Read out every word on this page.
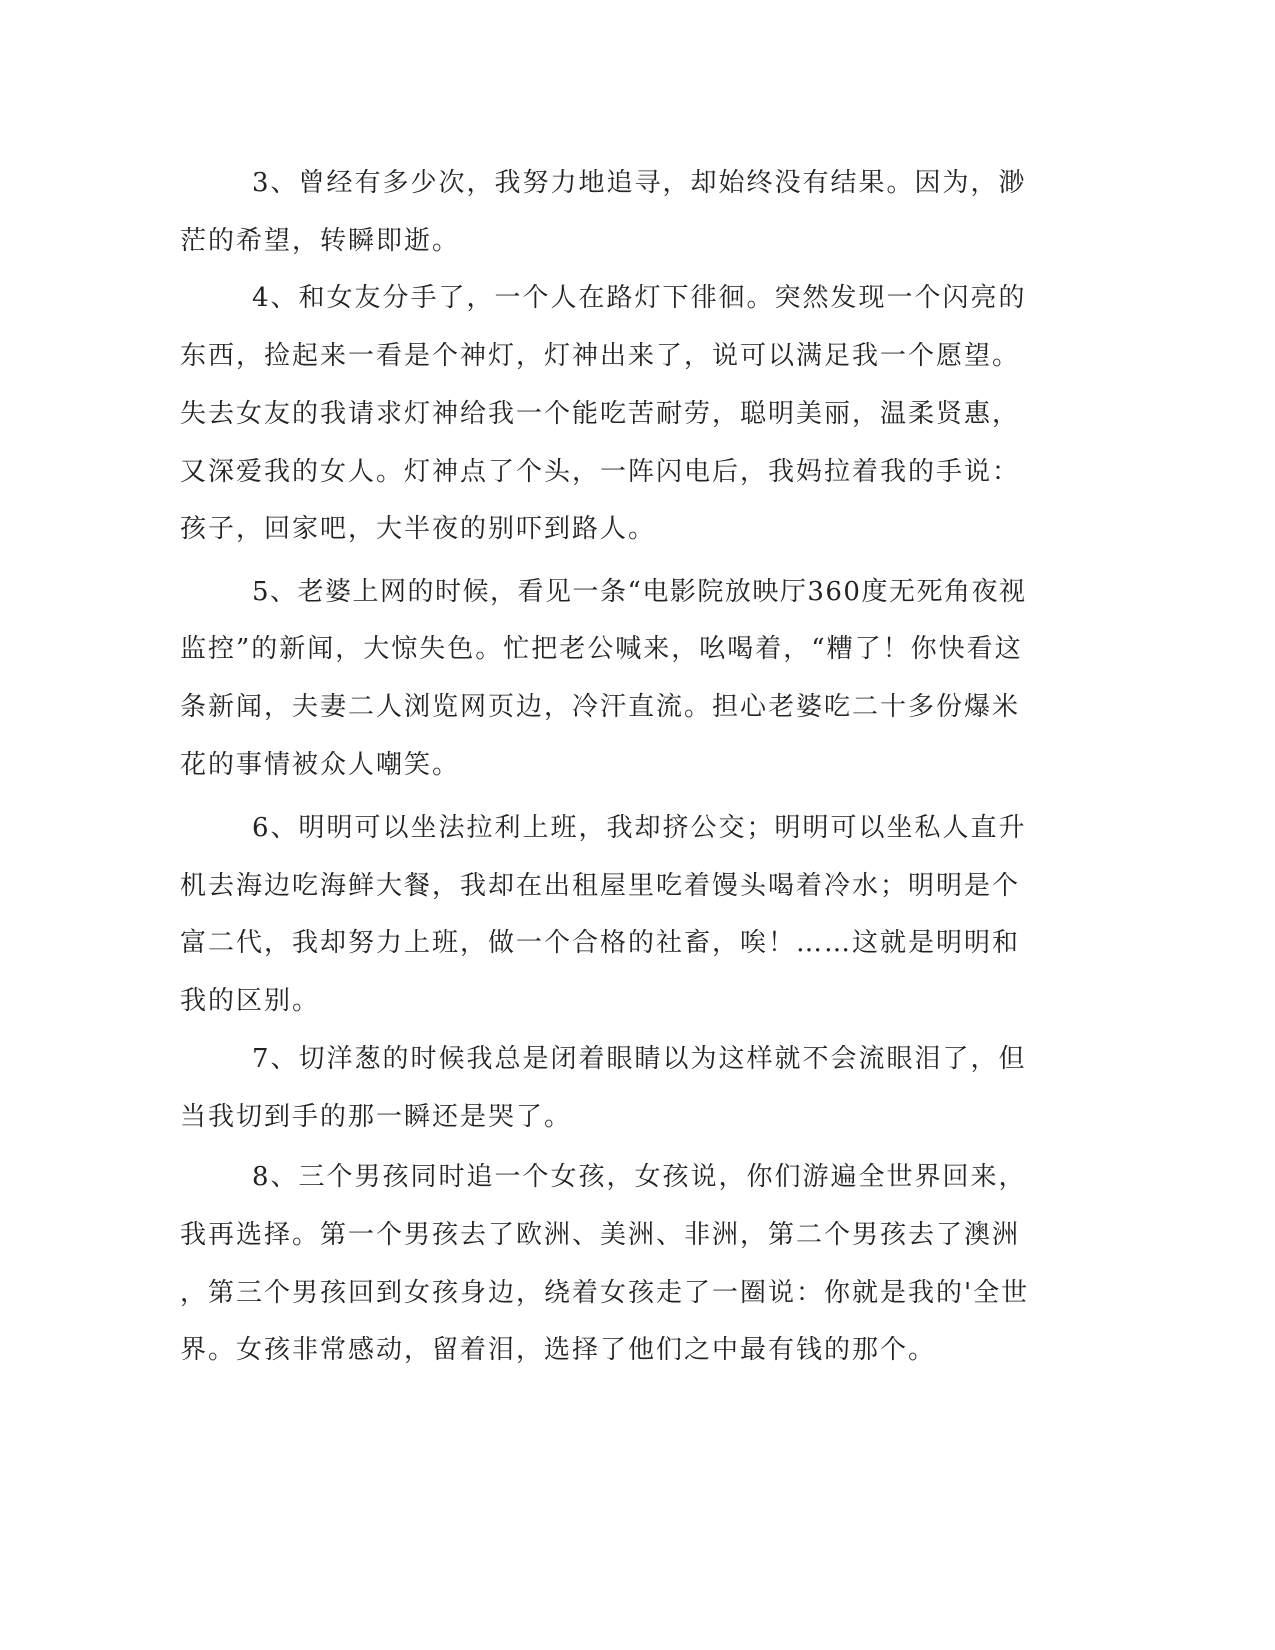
3、曾经有多少次，我努力地追寻，却始终没有结果。因为，渺

茫的希望，转瞬即逝。

4、和女友分手了，一个人在路灯下徘徊。突然发现一个闪亮的

东西，捡起来一看是个神灯，灯神出来了，说可以满足我一个愿望。

失去女友的我请求灯神给我一个能吃苦耐劳，聪明美丽，温柔贤惠，

又深爱我的女人。灯神点了个头，一阵闪电后，我妈拉着我的手说：

孩子，回家吧，大半夜的别吓到路人。

5、老婆上网的时候，看见一条“电影院放映厅360度无死角夜视

监控”的新闻，大惊失色。忙把老公喊来，吆喝着，“糟了！你快看这

条新闻，夫妻二人浏览网页边，冷汗直流。担心老婆吃二十多份爆米

花的事情被众人嘲笑。

6、明明可以坐法拉利上班，我却挤公交；明明可以坐私人直升

机去海边吃海鲜大餐，我却在出租屋里吃着馒头喝着冷水；明明是个

富二代，我却努力上班，做一个合格的社畜，唉！……这就是明明和

我的区别。

7、切洋葱的时候我总是闭着眼睛以为这样就不会流眼泪了，但

当我切到手的那一瞬还是哭了。

8、三个男孩同时追一个女孩，女孩说，你们游遍全世界回来，

我再选择。第一个男孩去了欧洲、美洲、非洲，第二个男孩去了澳洲

，第三个男孩回到女孩身边，绕着女孩走了一圈说：你就是我的'全世

界。女孩非常感动，留着泪，选择了他们之中最有钱的那个。
